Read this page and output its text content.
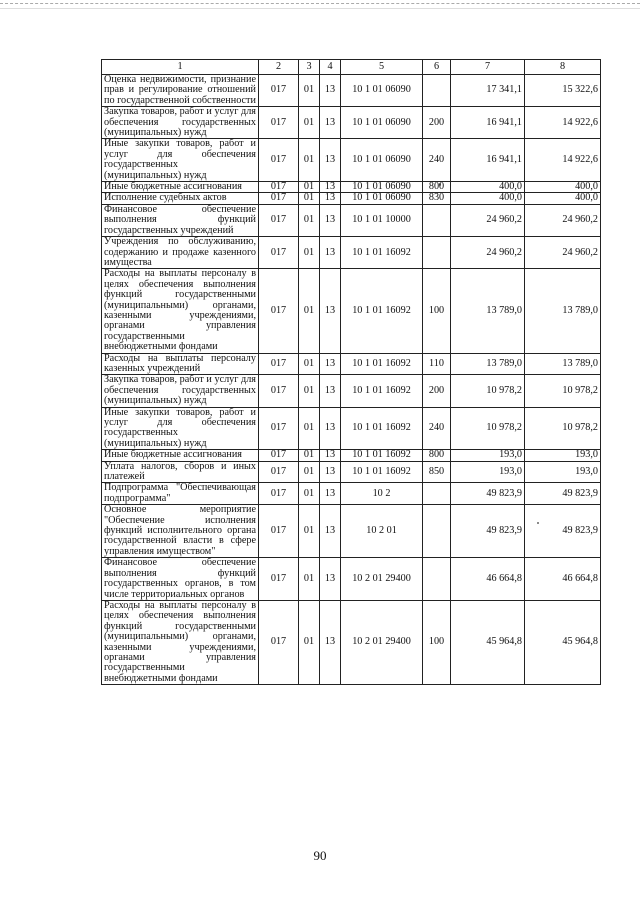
1	2	3	4	5	6	7	8
Оценка недвижимости, признание прав и регулирование отношений по государственной собственности	017	01	13	10 1 01 06090		17 341,1	15 322,6
Закупка товаров, работ и услуг для обеспечения государственных (муниципальных) нужд	017	01	13	10 1 01 06090	200	16 941,1	14 922,6
Иные закупки товаров, работ и услуг для обеспечения государственных (муниципальных) нужд	017	01	13	10 1 01 06090	240	16 941,1	14 922,6
Иные бюджетные ассигнования	017	01	13	10 1 01 06090	800	400,0	400,0
Исполнение судебных актов	017	01	13	10 1 01 06090	830	400,0	400,0
Финансовое обеспечение выполнения функций государственных учреждений	017	01	13	10 1 01 10000		24 960,2	24 960,2
Учреждения по обслуживанию, содержанию и продаже казенного имущества	017	01	13	10 1 01 16092		24 960,2	24 960,2
Расходы на выплаты персоналу в целях обеспечения выполнения функций государственными (муниципальными) органами, казенными учреждениями, органами управления государственными внебюджетными фондами	017	01	13	10 1 01 16092	100	13 789,0	13 789,0
Расходы на выплаты персоналу казенных учреждений	017	01	13	10 1 01 16092	110	13 789,0	13 789,0
Закупка товаров, работ и услуг для обеспечения государственных (муниципальных) нужд	017	01	13	10 1 01 16092	200	10 978,2	10 978,2
Иные закупки товаров, работ и услуг для обеспечения государственных (муниципальных) нужд	017	01	13	10 1 01 16092	240	10 978,2	10 978,2
Иные бюджетные ассигнования	017	01	13	10 1 01 16092	800	193,0	193,0
Уплата налогов, сборов и иных платежей	017	01	13	10 1 01 16092	850	193,0	193,0
Подпрограмма "Обеспечивающая подпрограмма"	017	01	13	10 2		49 823,9	49 823,9
Основное мероприятие "Обеспечение исполнения функций исполнительного органа государственной власти в сфере управления имуществом"	017	01	13	10 2 01		49 823,9	49 823,9
Финансовое обеспечение выполнения функций государственных органов, в том числе территориальных органов	017	01	13	10 2 01 29400		46 664,8	46 664,8
Расходы на выплаты персоналу в целях обеспечения выполнения функций государственными (муниципальными) органами, казенными учреждениями, органами управления государственными внебюджетными фондами	017	01	13	10 2 01 29400	100	45 964,8	45 964,8
90
